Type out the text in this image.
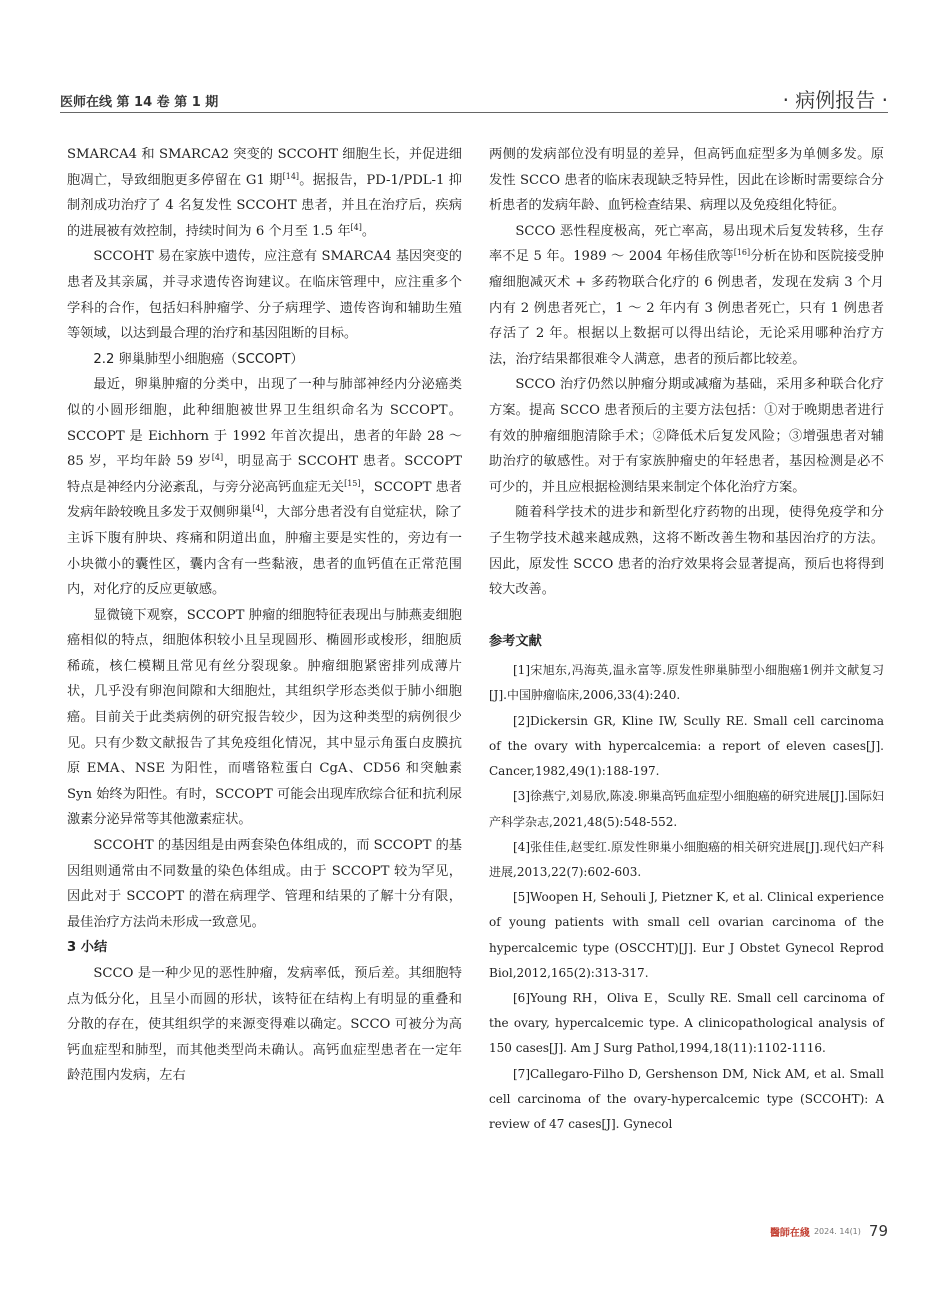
医师在线 第 14 卷 第 1 期	· 病例报告 ·

SMARCA4 和 SMARCA2 突变的 SCCOHT 细胞生长，并促进细胞凋亡，导致细胞更多停留在 G1 期[14]。据报告，PD-1/PDL-1 抑制剂成功治疗了 4 名复发性 SCCOHT 患者，并且在治疗后，疾病的进展被有效控制，持续时间为 6 个月至 1.5 年[4]。

SCCOHT 易在家族中遗传，应注意有 SMARCA4 基因突变的患者及其亲属，并寻求遗传咨询建议。在临床管理中，应注重多个学科的合作，包括妇科肿瘤学、分子病理学、遗传咨询和辅助生殖等领域，以达到最合理的治疗和基因阻断的目标。

2.2 卵巢肺型小细胞癌（SCCOPT）

最近，卵巢肿瘤的分类中，出现了一种与肺部神经内分泌癌类似的小圆形细胞，此种细胞被世界卫生组织命名为 SCCOPT。SCCOPT 是 Eichhorn 于 1992 年首次提出，患者的年龄 28 ～ 85 岁，平均年龄 59 岁[4]，明显高于 SCCOHT 患者。SCCOPT 特点是神经内分泌紊乱，与旁分泌高钙血症无关[15]，SCCOPT 患者发病年龄较晚且多发于双侧卵巢[4]，大部分患者没有自觉症状，除了主诉下腹有肿块、疼痛和阴道出血，肿瘤主要是实性的，旁边有一小块微小的囊性区，囊内含有一些黏液，患者的血钙值在正常范围内，对化疗的反应更敏感。

显微镜下观察，SCCOPT 肿瘤的细胞特征表现出与肺燕麦细胞癌相似的特点，细胞体积较小且呈现圆形、椭圆形或梭形，细胞质稀疏，核仁模糊且常见有丝分裂现象。肿瘤细胞紧密排列成薄片状，几乎没有卵泡间隙和大细胞灶，其组织学形态类似于肺小细胞癌。目前关于此类病例的研究报告较少，因为这种类型的病例很少见。只有少数文献报告了其免疫组化情况，其中显示角蛋白皮膜抗原 EMA、NSE 为阳性，而嗜铬粒蛋白 CgA、CD56 和突触素 Syn 始终为阳性。有时，SCCOPT 可能会出现库欣综合征和抗利尿激素分泌异常等其他激素症状。

SCCOHT 的基因组是由两套染色体组成的，而 SCCOPT 的基因组则通常由不同数量的染色体组成。由于 SCCOPT 较为罕见，因此对于 SCCOPT 的潜在病理学、管理和结果的了解十分有限，最佳治疗方法尚未形成一致意见。

3 小结

SCCO 是一种少见的恶性肿瘤，发病率低，预后差。其细胞特点为低分化，且呈小而圆的形状，该特征在结构上有明显的重叠和分散的存在，使其组织学的来源变得难以确定。SCCO 可被分为高钙血症型和肺型，而其他类型尚未确认。高钙血症型患者在一定年龄范围内发病，左右

两侧的发病部位没有明显的差异，但高钙血症型多为单侧多发。原发性 SCCO 患者的临床表现缺乏特异性，因此在诊断时需要综合分析患者的发病年龄、血钙检查结果、病理以及免疫组化特征。

SCCO 恶性程度极高，死亡率高，易出现术后复发转移，生存率不足 5 年。1989 ～ 2004 年杨佳欣等[16]分析在协和医院接受肿瘤细胞减灭术 + 多药物联合化疗的 6 例患者，发现在发病 3 个月内有 2 例患者死亡，1 ～ 2 年内有 3 例患者死亡，只有 1 例患者存活了 2 年。根据以上数据可以得出结论，无论采用哪种治疗方法，治疗结果都很难令人满意，患者的预后都比较差。

SCCO 治疗仍然以肿瘤分期或减瘤为基础，采用多种联合化疗方案。提高 SCCO 患者预后的主要方法包括：①对于晚期患者进行有效的肿瘤细胞清除手术；②降低术后复发风险；③增强患者对辅助治疗的敏感性。对于有家族肿瘤史的年轻患者，基因检测是必不可少的，并且应根据检测结果来制定个体化治疗方案。

随着科学技术的进步和新型化疗药物的出现，使得免疫学和分子生物学技术越来越成熟，这将不断改善生物和基因治疗的方法。因此，原发性 SCCO 患者的治疗效果将会显著提高，预后也将得到较大改善。

参考文献

[1]宋旭东,冯海英,温永富等.原发性卵巢肺型小细胞癌1例并文献复习[J].中国肿瘤临床,2006,33(4):240.

[2]Dickersin GR, Kline IW, Scully RE. Small cell carcinoma of the ovary with hypercalcemia: a report of eleven cases[J]. Cancer,1982,49(1):188-197.

[3]徐燕宁,刘易欣,陈凌.卵巢高钙血症型小细胞癌的研究进展[J].国际妇产科学杂志,2021,48(5):548-552.

[4]张佳佳,赵雯红.原发性卵巢小细胞癌的相关研究进展[J].现代妇产科进展,2013,22(7):602-603.

[5]Woopen H, Sehouli J, Pietzner K, et al. Clinical experience of young patients with small cell ovarian carcinoma of the hypercalcemic type (OSCCHT)[J]. Eur J Obstet Gynecol Reprod Biol,2012,165(2):313-317.

[6]Young RH，Oliva E，Scully RE. Small cell carcinoma of the ovary, hypercalcemic type. A clinicopathological analysis of 150 cases[J]. Am J Surg Pathol,1994,18(11):1102-1116.

[7]Callegaro-Filho D, Gershenson DM, Nick AM, et al. Small cell carcinoma of the ovary-hypercalcemic type (SCCOHT): A review of 47 cases[J]. Gynecol

醫師在綫 2024. 14(1) 79
